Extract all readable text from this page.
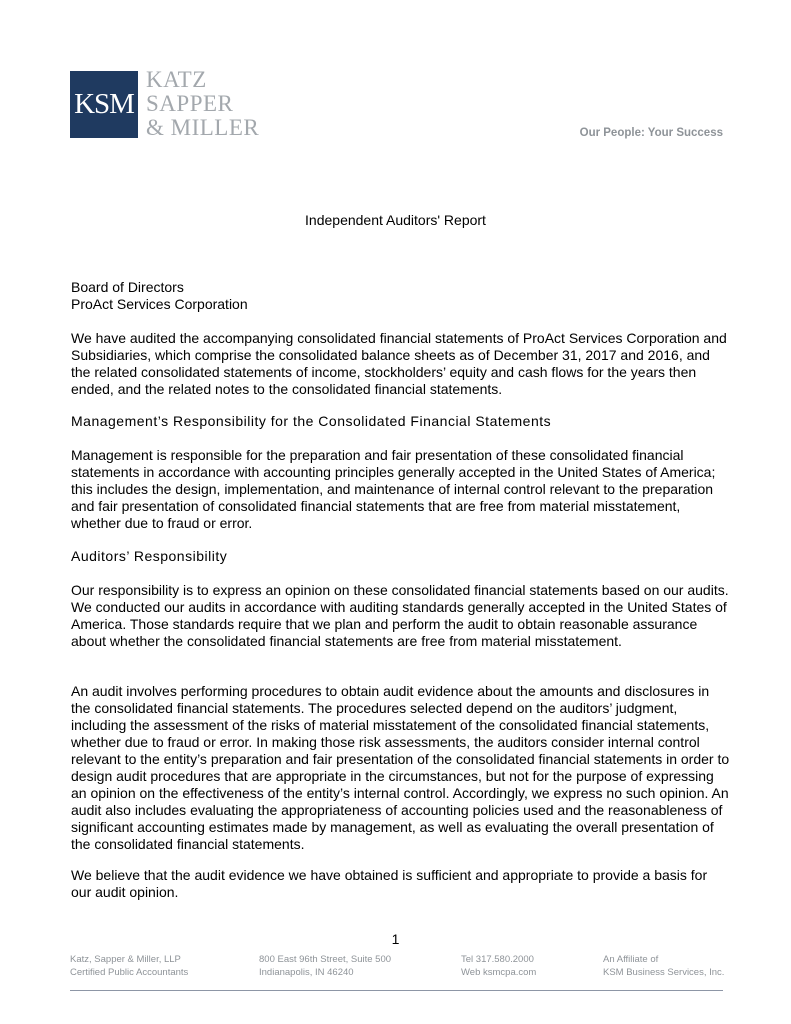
KSM
KATZ
SAPPER
& MILLER	Our People: Your Success
Independent Auditors' Report
Board of Directors
ProAct Services Corporation
We have audited the accompanying consolidated financial statements of ProAct Services Corporation and Subsidiaries, which comprise the consolidated balance sheets as of December 31, 2017 and 2016, and the related consolidated statements of income, stockholders’ equity and cash flows for the years then ended, and the related notes to the consolidated financial statements.
Management’s Responsibility for the Consolidated Financial Statements
Management is responsible for the preparation and fair presentation of these consolidated financial statements in accordance with accounting principles generally accepted in the United States of America; this includes the design, implementation, and maintenance of internal control relevant to the preparation and fair presentation of consolidated financial statements that are free from material misstatement, whether due to fraud or error.
Auditors’ Responsibility
Our responsibility is to express an opinion on these consolidated financial statements based on our audits. We conducted our audits in accordance with auditing standards generally accepted in the United States of America. Those standards require that we plan and perform the audit to obtain reasonable assurance about whether the consolidated financial statements are free from material misstatement.
An audit involves performing procedures to obtain audit evidence about the amounts and disclosures in the consolidated financial statements. The procedures selected depend on the auditors’ judgment, including the assessment of the risks of material misstatement of the consolidated financial statements, whether due to fraud or error. In making those risk assessments, the auditors consider internal control relevant to the entity’s preparation and fair presentation of the consolidated financial statements in order to design audit procedures that are appropriate in the circumstances, but not for the purpose of expressing an opinion on the effectiveness of the entity’s internal control. Accordingly, we express no such opinion. An audit also includes evaluating the appropriateness of accounting policies used and the reasonableness of significant accounting estimates made by management, as well as evaluating the overall presentation of the consolidated financial statements.
We believe that the audit evidence we have obtained is sufficient and appropriate to provide a basis for our audit opinion.
1
Katz, Sapper & Miller, LLP
Certified Public Accountants
800 East 96th Street, Suite 500
Indianapolis, IN 46240
Tel 317.580.2000
Web ksmcpa.com
An Affiliate of
KSM Business Services, Inc.
